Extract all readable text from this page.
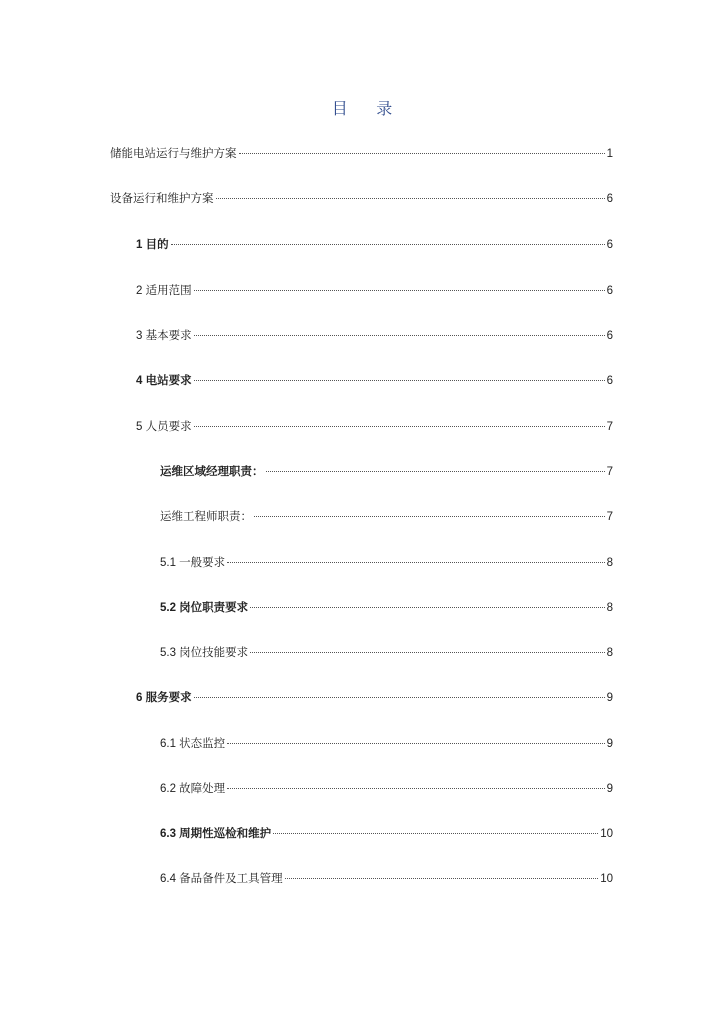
目 录
储能电站运行与维护方案	1
设备运行和维护方案	6
1 目的	6
2 适用范围	6
3 基本要求	6
4 电站要求	6
5 人员要求	7
运维区域经理职责：	7
运维工程师职责：	7
5.1 一般要求	8
5.2 岗位职责要求	8
5.3 岗位技能要求	8
6 服务要求	9
6.1 状态监控	9
6.2 故障处理	9
6.3 周期性巡检和维护	10
6.4 备品备件及工具管理	10
